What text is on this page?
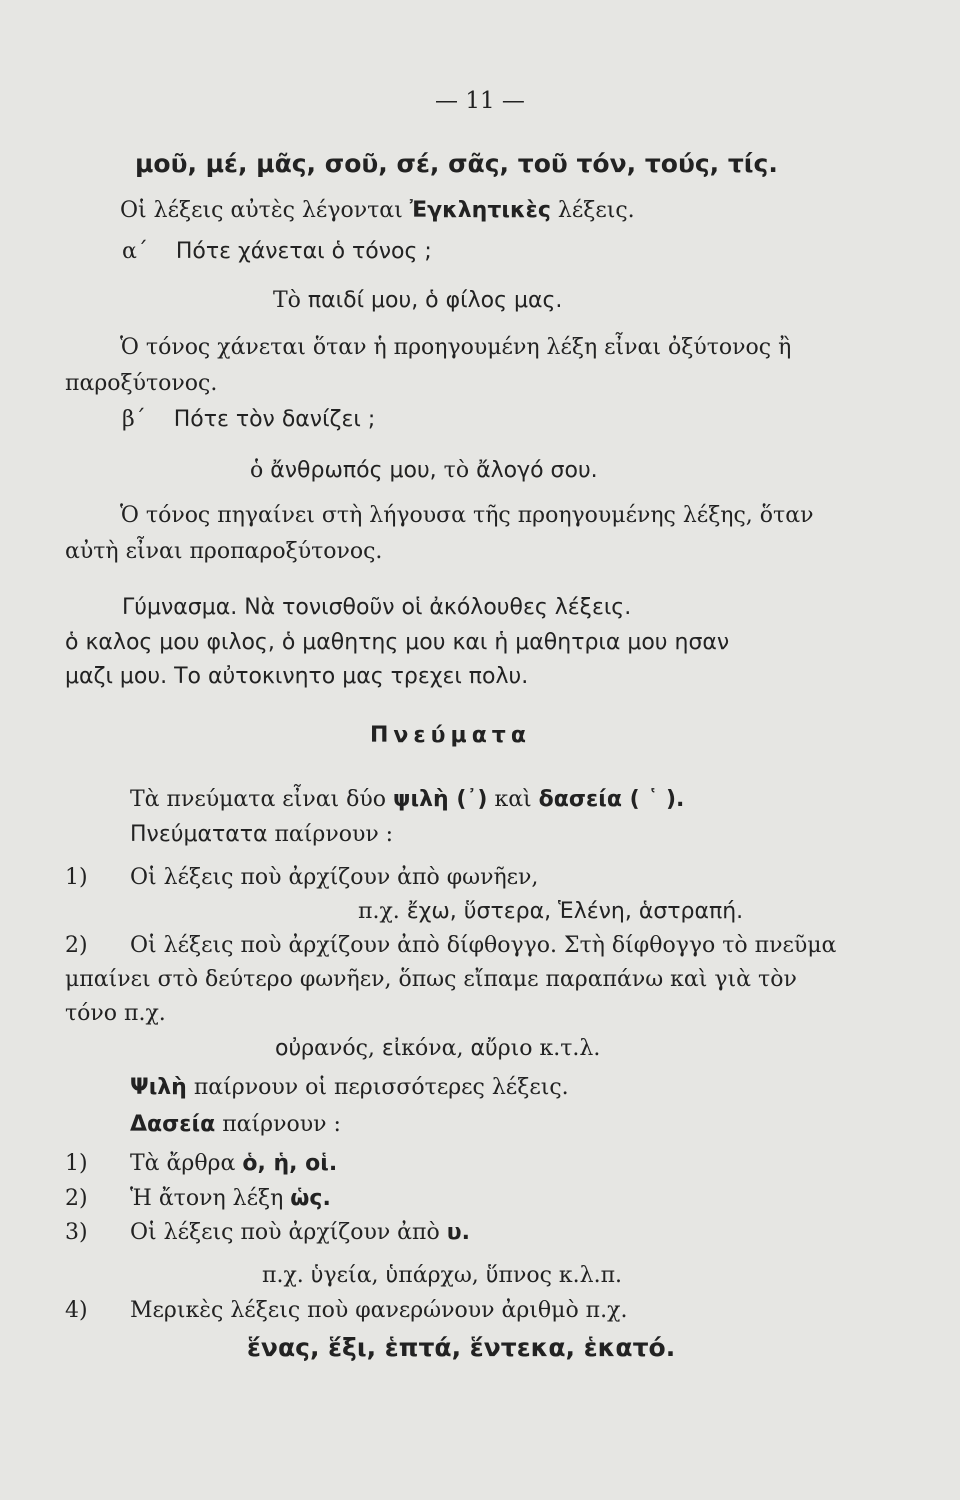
— 11 —
μοῦ, μέ, μᾶς, σοῦ, σέ, σᾶς, τοῦ τόν, τούς, τίς.
Οἱ λέξεις αὐτὲς λέγονται Ἐγκλητικὲς λέξεις.
α΄ Πότε χάνεται ὁ τόνος ;
Τὸ παιδί μου, ὁ φίλος μας.
Ὁ τόνος χάνεται ὅταν ἡ προηγουμένη λέξη εἶναι ὀξύτονος ἢ
παροξύτονος.
β΄ Πότε τὸν δανίζει ;
ὁ ἄνθρωπός μου, τὸ ἄλογό σου.
Ὁ τόνος πηγαίνει στὴ λήγουσα τῆς προηγουμένης λέξης, ὅταν
αὐτὴ εἶναι προπαροξύτονος.
Γύμνασμα. Νὰ τονισθοῦν οἱ ἀκόλουθες λέξεις.
ὁ καλος μου φιλος, ὁ μαθητης μου και ἡ μαθητρια μου ησαν
μαζι μου. Το αὐτοκινητο μας τρεχει πολυ.
Πνεύματα
Τὰ πνεύματα εἶναι δύο ψιλὴ (᾿) καὶ δασεία ( ῾ ).
Πνεύματατα παίρνουν :
1) Οἱ λέξεις ποὺ ἀρχίζουν ἀπὸ φωνῆεν,
π.χ. ἔχω, ὕστερα, Ἑλένη, ἁστραπή.
2) Οἱ λέξεις ποὺ ἀρχίζουν ἀπὸ δίφθογγο. Στὴ δίφθογγο τὸ πνεῦμα
μπαίνει στὸ δεύτερο φωνῆεν, ὅπως εἴπαμε παραπάνω καὶ γιὰ τὸν
τόνο π.χ.
οὐρανός, εἰκόνα, αὔριο κ.τ.λ.
Ψιλὴ παίρνουν οἱ περισσότερες λέξεις.
Δασεία παίρνουν :
1) Τὰ ἄρθρα ὁ, ἡ, οἱ.
2) Ἡ ἄτονη λέξη ὡς.
3) Οἱ λέξεις ποὺ ἀρχίζουν ἀπὸ υ.
π.χ. ὑγεία, ὑπάρχω, ὕπνος κ.λ.π.
4) Μερικὲς λέξεις ποὺ φανερώνουν ἀριθμὸ π.χ.
ἕνας, ἕξι, ἑπτά, ἕντεκα, ἑκατό.
